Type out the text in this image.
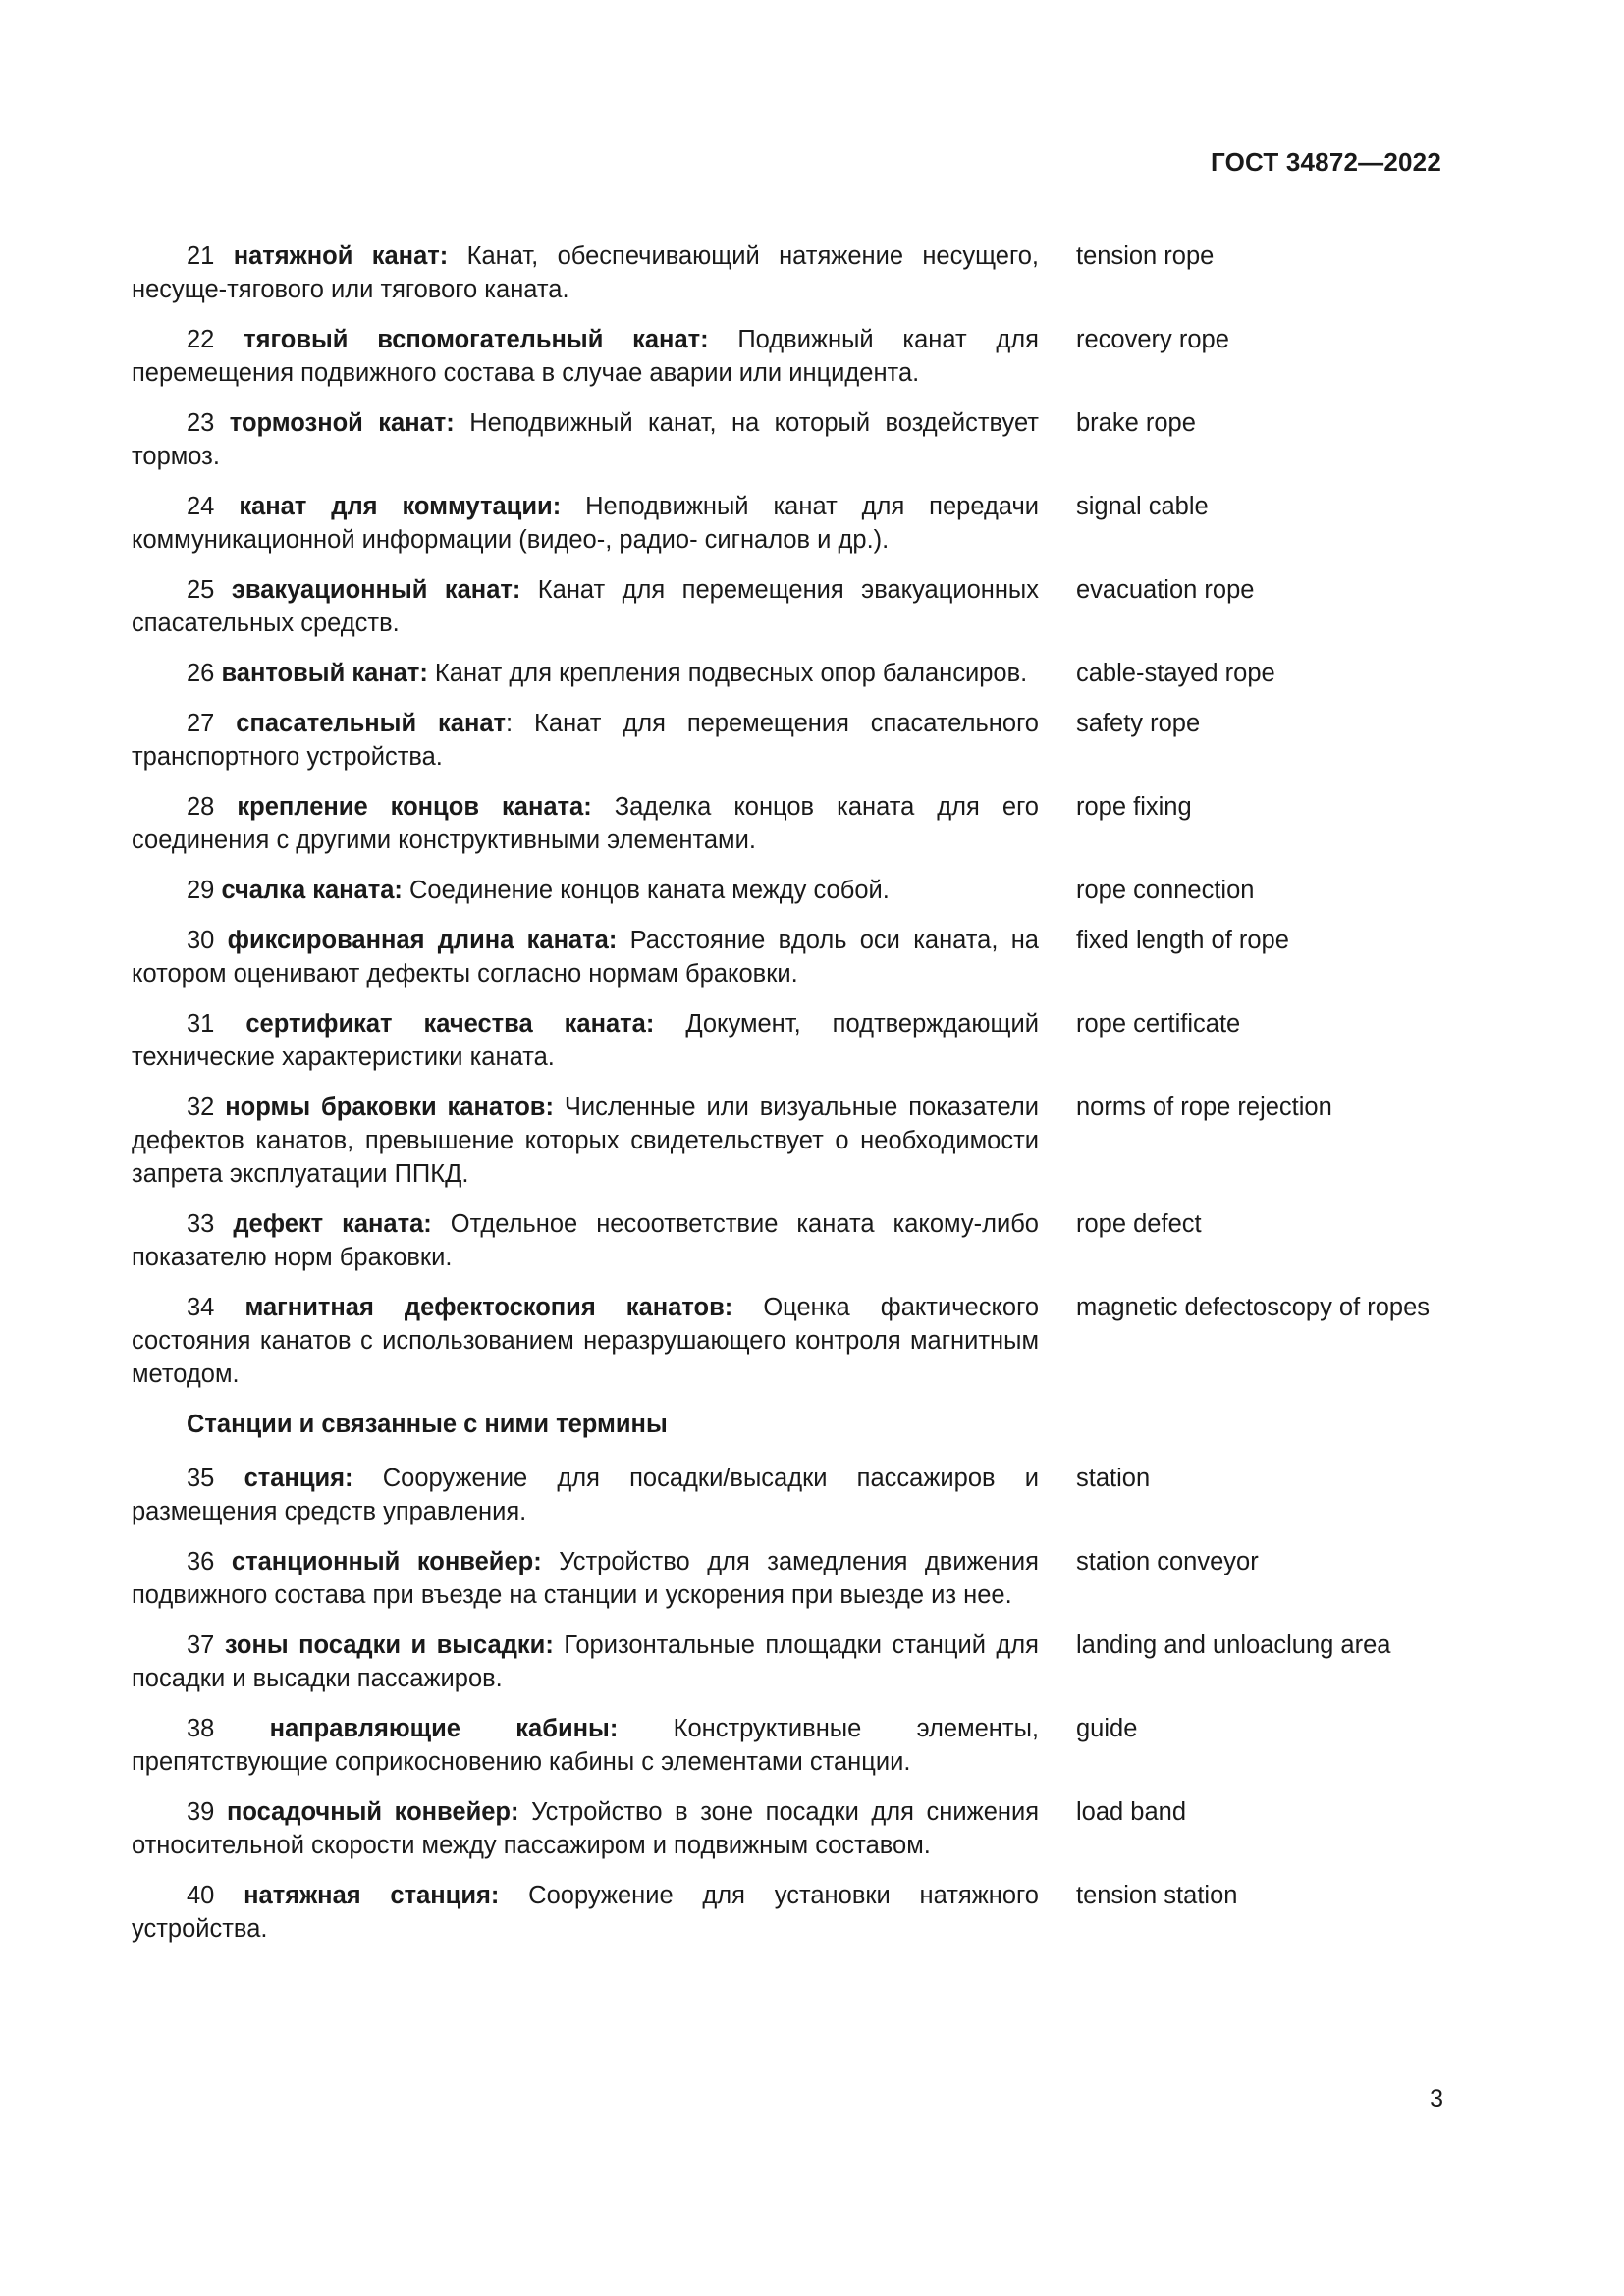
ГОСТ 34872—2022
21 натяжной канат: Канат, обеспечивающий натяжение несущего, несуще-тягового или тягового каната.
tension rope
22 тяговый вспомогательный канат: Подвижный канат для перемещения подвижного состава в случае аварии или инцидента.
recovery rope
23 тормозной канат: Неподвижный канат, на который воздействует тормоз.
brake rope
24 канат для коммутации: Неподвижный канат для передачи коммуникационной информации (видео-, радио- сигналов и др.).
signal cable
25 эвакуационный канат: Канат для перемещения эвакуационных спасательных средств.
evacuation rope
26 вантовый канат: Канат для крепления подвесных опор балансиров.	cable-stayed rope
27 спасательный канат: Канат для перемещения спасательного транспортного устройства.
safety rope
28 крепление концов каната: Заделка концов каната для его соединения с другими конструктивными элементами.
rope fixing
29 счалка каната: Соединение концов каната между собой.	rope connection
30 фиксированная длина каната: Расстояние вдоль оси каната, на котором оценивают дефекты согласно нормам браковки.
fixed length of rope
31 сертификат качества каната: Документ, подтверждающий технические характеристики каната.
rope certificate
32 нормы браковки канатов: Численные или визуальные показатели дефектов канатов, превышение которых свидетельствует о необходимости запрета эксплуатации ППКД.
norms of rope rejection
33 дефект каната: Отдельное несоответствие каната какому-либо показателю норм браковки.
rope defect
34 магнитная дефектоскопия канатов: Оценка фактического состояния канатов с использованием неразрушающего контроля магнитным методом.
magnetic defectoscopy of ropes
Станции и связанные с ними термины
35 станция: Сооружение для посадки/высадки пассажиров и размещения средств управления.
station
36 станционный конвейер: Устройство для замедления движения подвижного состава при въезде на станции и ускорения при выезде из нее.
station conveyor
37 зоны посадки и высадки: Горизонтальные площадки станций для посадки и высадки пассажиров.
landing and unloaclung area
38 направляющие кабины: Конструктивные элементы, препятствующие соприкосновению кабины с элементами станции.
guide
39 посадочный конвейер: Устройство в зоне посадки для снижения относительной скорости между пассажиром и подвижным составом.
load band
40 натяжная станция: Сооружение для установки натяжного устройства.
tension station
3
